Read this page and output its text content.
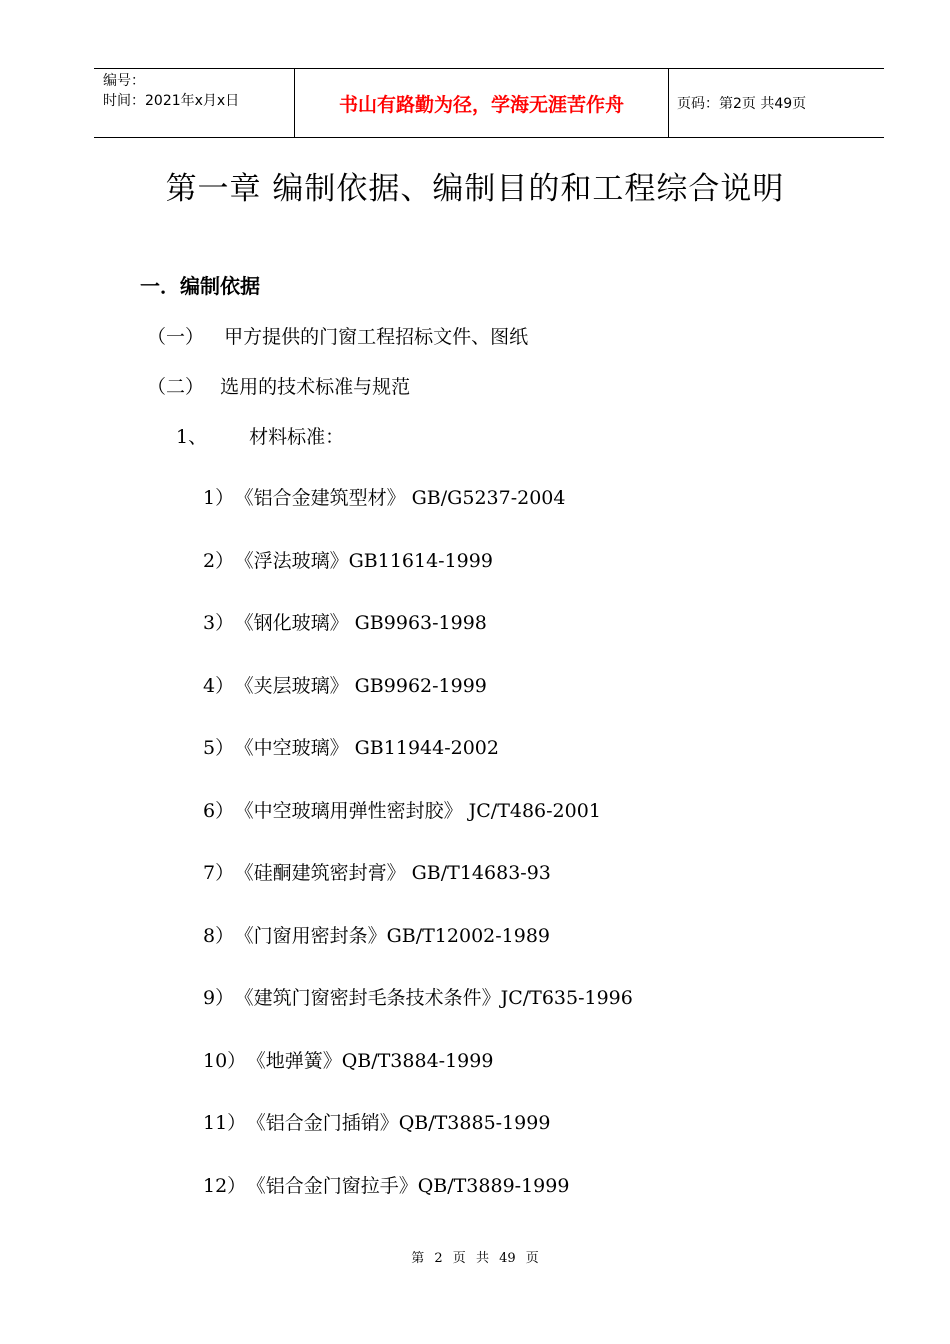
编号：
时间：2021年x月x日	书山有路勤为径，学海无涯苦作舟	页码：第2页 共49页
第一章 编制依据、编制目的和工程综合说明
一．编制依据
（一） 甲方提供的门窗工程招标文件、图纸
（二） 选用的技术标准与规范
1、 材料标准：
1） 《铝合金建筑型材》 GB/G5237-2004
2） 《浮法玻璃》GB11614-1999
3） 《钢化玻璃》 GB9963-1998
4） 《夹层玻璃》 GB9962-1999
5） 《中空玻璃》 GB11944-2002
6） 《中空玻璃用弹性密封胶》 JC/T486-2001
7） 《硅酮建筑密封膏》 GB/T14683-93
8） 《门窗用密封条》GB/T12002-1989
9） 《建筑门窗密封毛条技术条件》JC/T635-1996
10） 《地弹簧》QB/T3884-1999
11） 《铝合金门插销》QB/T3885-1999
12） 《铝合金门窗拉手》QB/T3889-1999
第 2 页 共 49 页
